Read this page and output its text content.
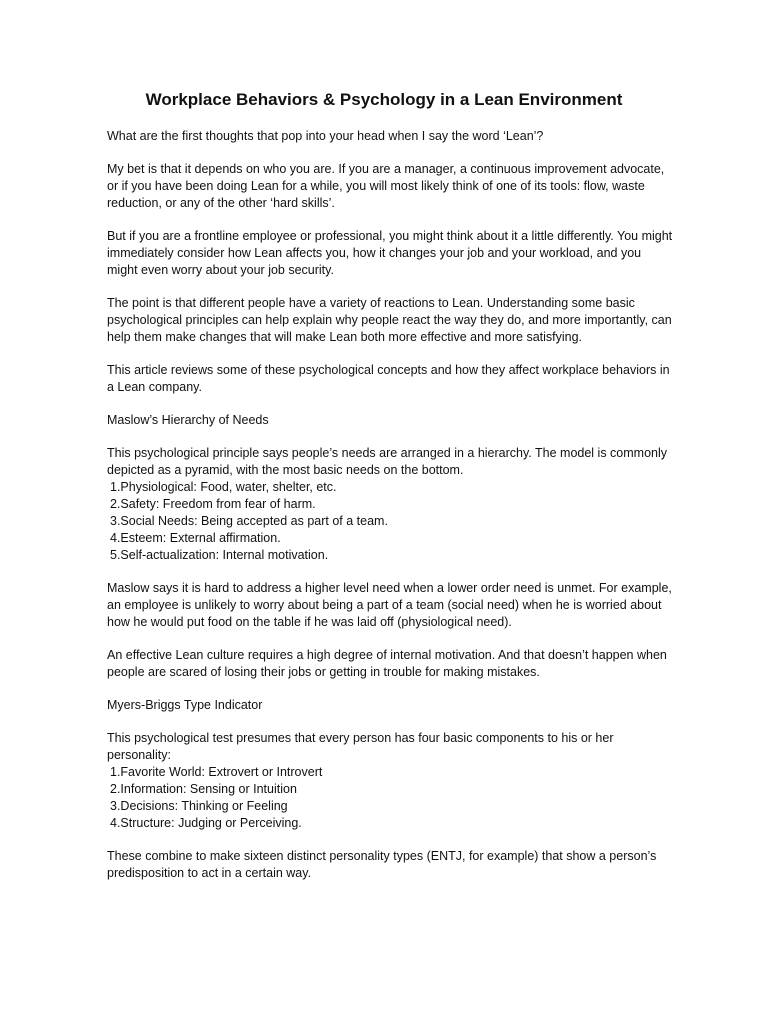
Workplace Behaviors & Psychology in a Lean Environment

What are the first thoughts that pop into your head when I say the word ‘Lean’?

My bet is that it depends on who you are. If you are a manager, a continuous improvement advocate, or if you have been doing Lean for a while, you will most likely think of one of its tools: flow, waste reduction, or any of the other ‘hard skills’.

But if you are a frontline employee or professional, you might think about it a little differently. You might immediately consider how Lean affects you, how it changes your job and your workload, and you might even worry about your job security.

The point is that different people have a variety of reactions to Lean. Understanding some basic psychological principles can help explain why people react the way they do, and more importantly, can help them make changes that will make Lean both more effective and more satisfying.

This article reviews some of these psychological concepts and how they affect workplace behaviors in a Lean company.

Maslow’s Hierarchy of Needs

This psychological principle says people’s needs are arranged in a hierarchy. The model is commonly depicted as a pyramid, with the most basic needs on the bottom.

1.Physiological: Food, water, shelter, etc.
2.Safety: Freedom from fear of harm.
3.Social Needs: Being accepted as part of a team.
4.Esteem: External affirmation.
5.Self-actualization: Internal motivation.

Maslow says it is hard to address a higher level need when a lower order need is unmet. For example, an employee is unlikely to worry about being a part of a team (social need) when he is worried about how he would put food on the table if he was laid off (physiological need).

An effective Lean culture requires a high degree of internal motivation. And that doesn’t happen when people are scared of losing their jobs or getting in trouble for making mistakes.

Myers-Briggs Type Indicator

This psychological test presumes that every person has four basic components to his or her personality:

1.Favorite World: Extrovert or Introvert
2.Information: Sensing or Intuition
3.Decisions: Thinking or Feeling
4.Structure: Judging or Perceiving.

These combine to make sixteen distinct personality types (ENTJ, for example) that show a person’s predisposition to act in a certain way.
